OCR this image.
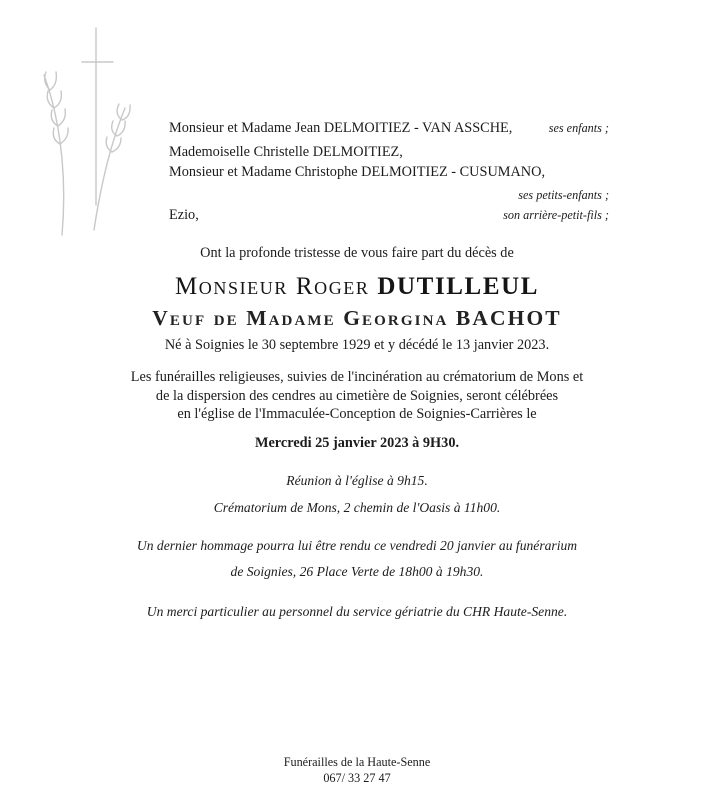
Monsieur et Madame Jean DELMOITIEZ - VAN ASSCHE,	ses enfants ;
Mademoiselle Christelle DELMOITIEZ,
Monsieur et Madame Christophe DELMOITIEZ - CUSUMANO,
ses petits-enfants ;
Ezio,	son arrière-petit-fils ;
Ont la profonde tristesse de vous faire part du décès de
Monsieur Roger DUTILLEUL
Veuf de Madame Georgina BACHOT
Né à Soignies le 30 septembre 1929 et y décédé le 13 janvier 2023.
Les funérailles religieuses, suivies de l'incinération au crématorium de Mons et
de la dispersion des cendres au cimetière de Soignies, seront célébrées
en l'église de l'Immaculée-Conception de Soignies-Carrières le
Mercredi 25 janvier 2023 à 9H30.
Réunion à l'église à 9h15.
Crématorium de Mons, 2 chemin de l'Oasis à 11h00.
Un dernier hommage pourra lui être rendu ce vendredi 20 janvier au funérarium
de Soignies, 26 Place Verte de 18h00 à 19h30.
Un merci particulier au personnel du service gériatrie du CHR Haute-Senne.
Funérailles de la Haute-Senne
067/ 33 27 47
